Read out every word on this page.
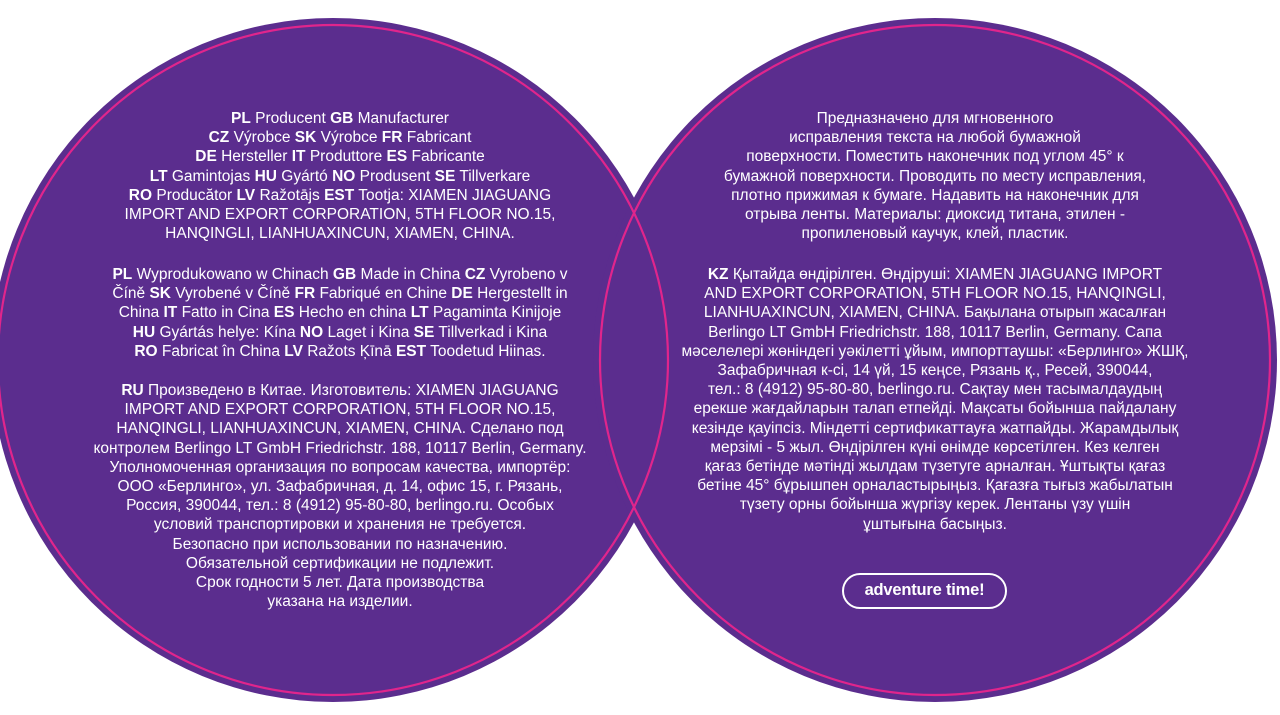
PL Producent GB Manufacturer
CZ Výrobce SK Výrobce FR Fabricant
DE Hersteller IT Produttore ES Fabricante
LT Gamintojas HU Gyártó NO Produsent SE Tillverkare
RO Producător LV Ražotājs EST Tootja: XIAMEN JIAGUANG
IMPORT AND EXPORT CORPORATION, 5TH FLOOR NO.15,
HANQINGLI, LIANHUAXINCUN, XIAMEN, CHINA.
PL Wyprodukowano w Chinach GB Made in China CZ Vyrobeno v
Číně SK Vyrobené v Číně FR Fabriqué en Chine DE Hergestellt in
China IT Fatto in Cina ES Hecho en china LT Pagaminta Kinijoje
HU Gyártás helye: Kína NO Laget i Kina SE Tillverkad i Kina
RO Fabricat în China LV Ražots Ķīnā EST Toodetud Hiinas.
RU Произведено в Китае. Изготовитель: XIAMEN JIAGUANG
IMPORT AND EXPORT CORPORATION, 5TH FLOOR NO.15,
HANQINGLI, LIANHUAXINCUN, XIAMEN, CHINA. Сделано под
контролем Berlingo LT GmbH Friedrichstr. 188, 10117 Berlin, Germany.
Уполномоченная организация по вопросам качества, импортёр:
ООО «Берлинго», ул. Зафабричная, д. 14, офис 15, г. Рязань,
Россия, 390044, тел.: 8 (4912) 95-80-80, berlingo.ru. Особых
условий транспортировки и хранения не требуется.
Безопасно при использовании по назначению.
Обязательной сертификации не подлежит.
Срок годности 5 лет. Дата производства
указана на изделии.
Предназначено для мгновенного
исправления текста на любой бумажной
поверхности. Поместить наконечник под углом 45° к
бумажной поверхности. Проводить по месту исправления,
плотно прижимая к бумаге. Надавить на наконечник для
отрыва ленты. Материалы: диоксид титана, этилен -
пропиленовый каучук, клей, пластик.
KZ Қытайда өндірілген. Өндіруші: XIAMEN JIAGUANG IMPORT
AND EXPORT CORPORATION, 5TH FLOOR NO.15, HANQINGLI,
LIANHUAXINCUN, XIAMEN, CHINA. Бақылана отырып жасалған
Berlingo LT GmbH Friedrichstr. 188, 10117 Berlin, Germany. Сапа
мәселелері жөніндегі уәкілетті ұйым, импорттаушы: «Берлинго» ЖШҚ,
Зафабричная к-сі, 14 үй, 15 кеңсе, Рязань қ., Ресей, 390044,
тел.: 8 (4912) 95-80-80, berlingo.ru. Сақтау мен тасымалдаудың
ерекше жағдайларын талап етпейді. Мақсаты бойынша пайдалану
кезінде қауіпсіз. Міндетті сертификаттауға жатпайды. Жарамдылық
мерзімі - 5 жыл. Өндірілген күні өнімде көрсетілген. Кез келген
қағаз бетінде мәтінді жылдам түзетуге арналған. Ұштықты қағаз
бетіне 45° бұрышпен орналастырыңыз. Қағазға тығыз жабылатын
түзету орны бойынша жүргізу керек. Лентаны үзу үшін
ұштығына басыңыз.
adventure time!
